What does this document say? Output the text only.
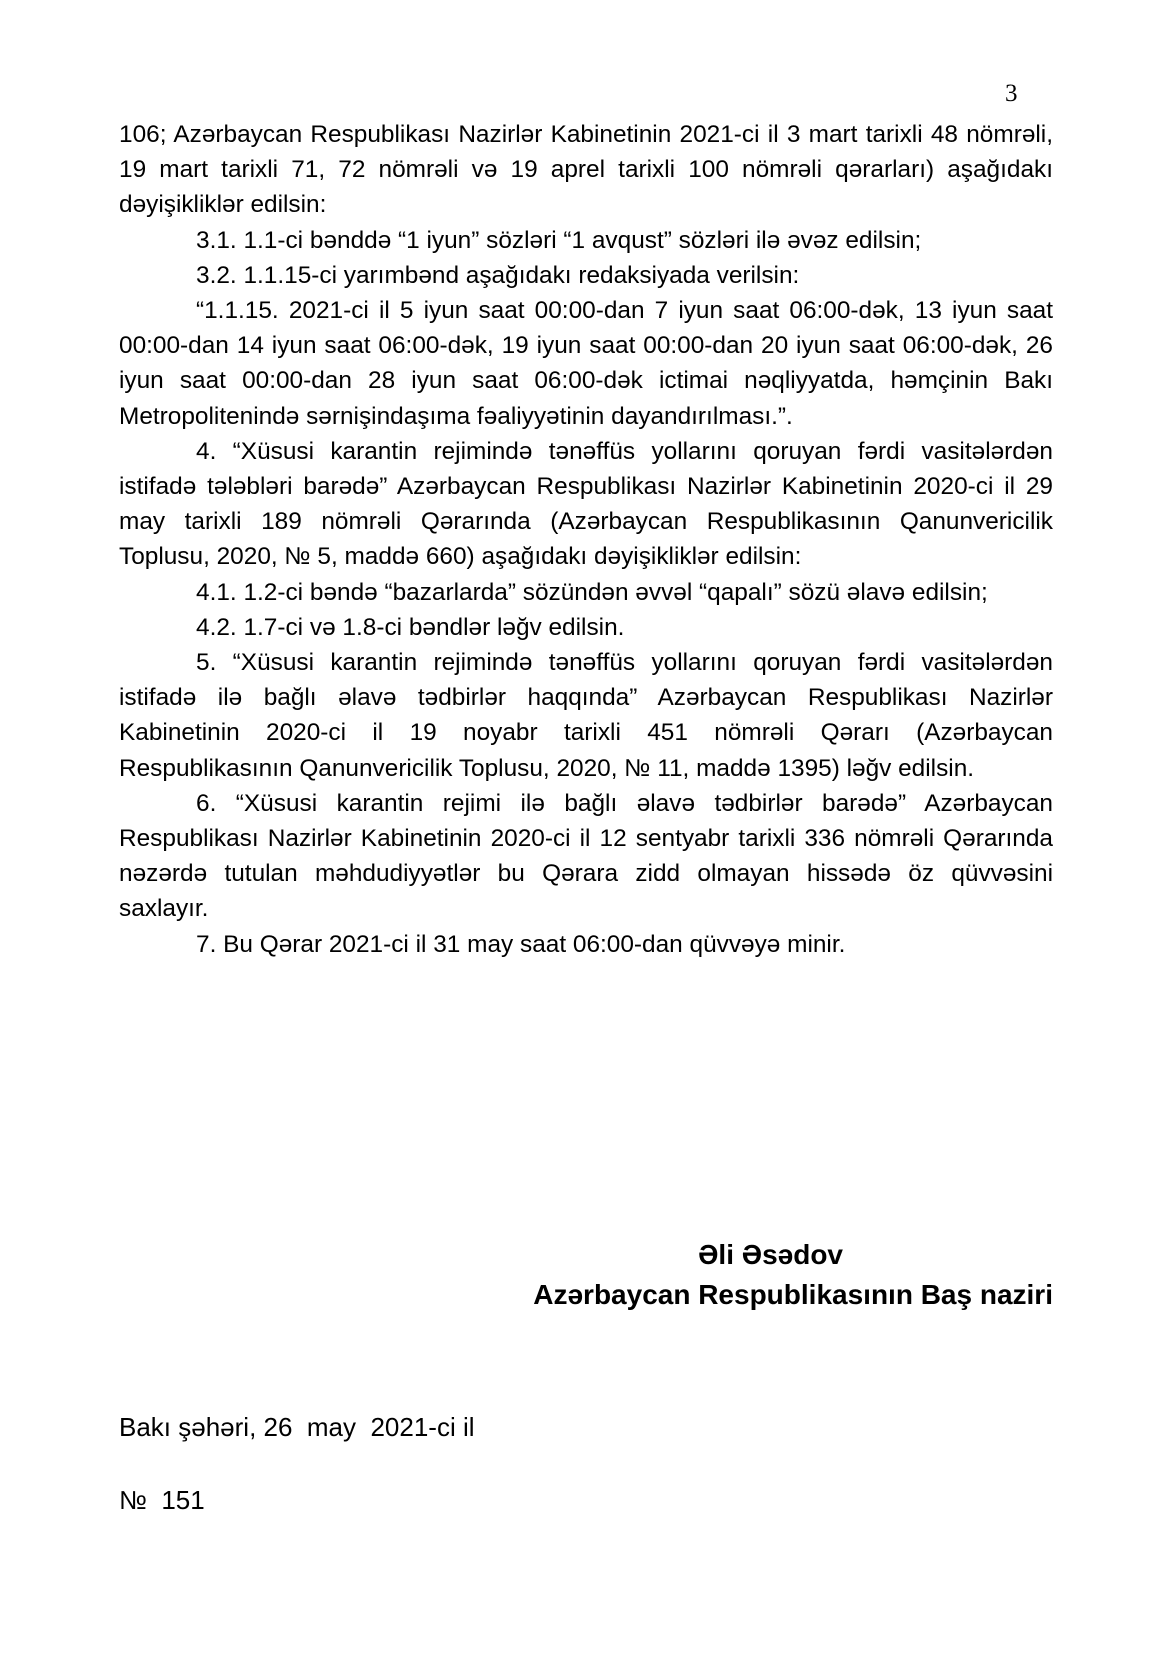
3

106; Azərbaycan Respublikası Nazirlər Kabinetinin 2021-ci il 3 mart tarixli 48 nömrəli, 19 mart tarixli 71, 72 nömrəli və 19 aprel tarixli 100 nömrəli qərarları) aşağıdakı dəyişikliklər edilsin:

3.1. 1.1-ci bənddə “1 iyun” sözləri “1 avqust” sözləri ilə əvəz edilsin;

3.2. 1.1.15-ci yarımbənd aşağıdakı redaksiyada verilsin:

“1.1.15. 2021-ci il 5 iyun saat 00:00-dan 7 iyun saat 06:00-dək, 13 iyun saat 00:00-dan 14 iyun saat 06:00-dək, 19 iyun saat 00:00-dan 20 iyun saat 06:00-dək, 26 iyun saat 00:00-dan 28 iyun saat 06:00-dək ictimai nəqliyyatda, həmçinin Bakı Metropolitenində sərnişindaşıma fəaliyyətinin dayandırılması.”.

4. “Xüsusi karantin rejimində tənəffüs yollarını qoruyan fərdi vasitələrdən istifadə tələbləri barədə” Azərbaycan Respublikası Nazirlər Kabinetinin 2020-ci il 29 may tarixli 189 nömrəli Qərarında (Azərbaycan Respublikasının Qanunvericilik Toplusu, 2020, № 5, maddə 660) aşağıdakı dəyişikliklər edilsin:

4.1. 1.2-ci bəndə “bazarlarda” sözündən əvvəl “qapalı” sözü əlavə edilsin;

4.2. 1.7-ci və 1.8-ci bəndlər ləğv edilsin.

5. “Xüsusi karantin rejimində tənəffüs yollarını qoruyan fərdi vasitələrdən istifadə ilə bağlı əlavə tədbirlər haqqında” Azərbaycan Respublikası Nazirlər Kabinetinin 2020-ci il 19 noyabr tarixli 451 nömrəli Qərarı (Azərbaycan Respublikasının Qanunvericilik Toplusu, 2020, № 11, maddə 1395) ləğv edilsin.

6. “Xüsusi karantin rejimi ilə bağlı əlavə tədbirlər barədə” Azərbaycan Respublikası Nazirlər Kabinetinin 2020-ci il 12 sentyabr tarixli 336 nömrəli Qərarında nəzərdə tutulan məhdudiyyətlər bu Qərara zidd olmayan hissədə öz qüvvəsini saxlayır.

7. Bu Qərar 2021-ci il 31 may saat 06:00-dan qüvvəyə minir.

Əli Əsədov
Azərbaycan Respublikasının Baş naziri
Bakı şəhəri, 26  may  2021-ci il
№  151
